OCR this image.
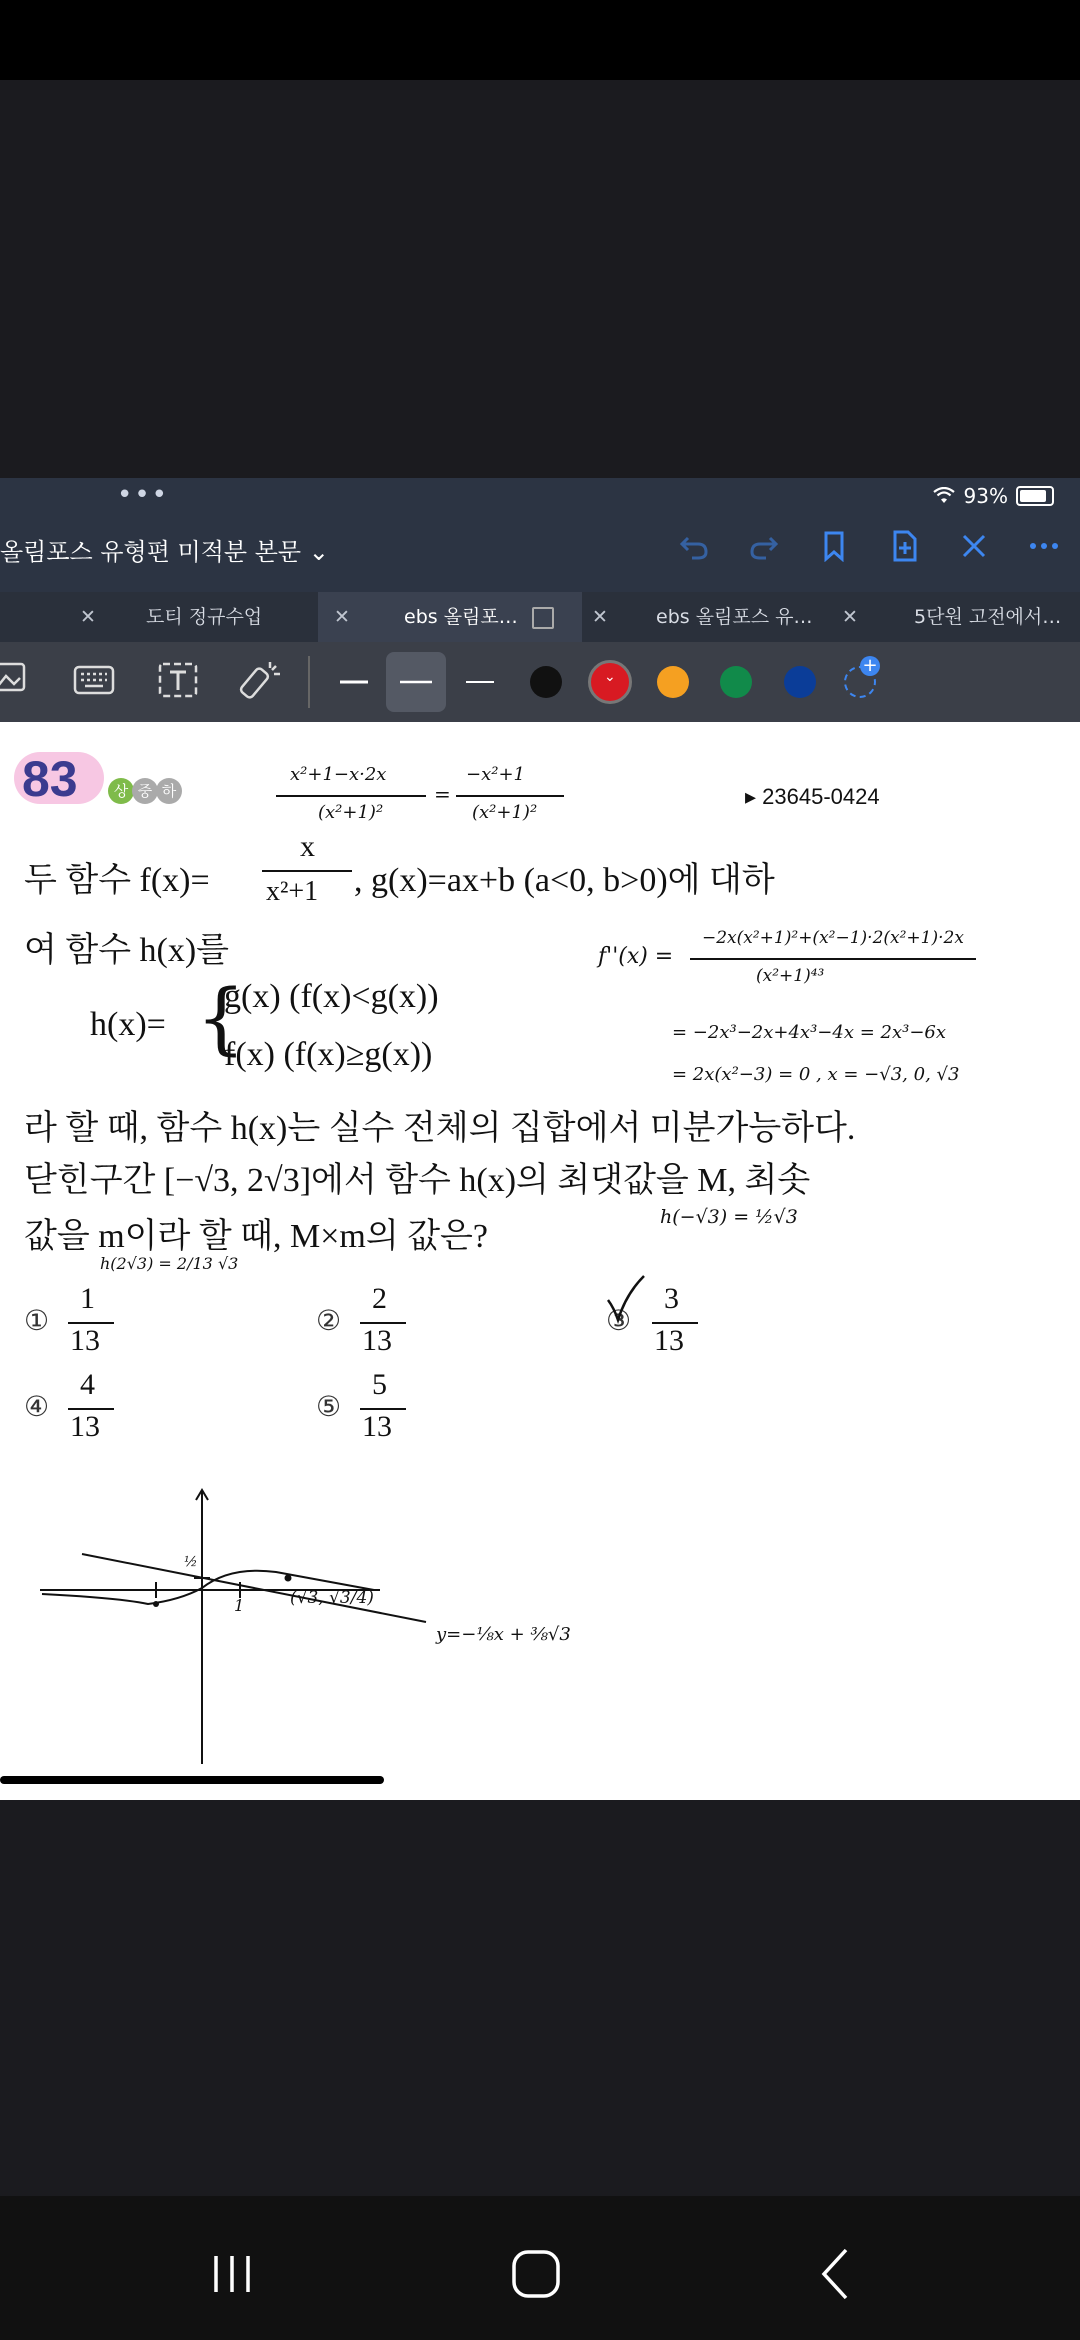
•••	93%
올림포스 유형편 미적분 본문 ⌄
✕	도티 정규수업	✕	ebs 올림포…	✕	ebs 올림포스 유… ✕	5단원 고전에서…
⌄
+
83	상 중 하	▸ 23645-0424
x²+1−x·2x
(x²+1)²
=
−x²+1
(x²+1)²
두 함수 f(x)=
x
x²+1 , g(x)=ax+b (a<0, b>0)에 대하
여 함수 h(x)를
h(x)= {
g(x) (f(x)<g(x))
f(x) (f(x)≥g(x))
라 할 때, 함수 h(x)는 실수 전체의 집합에서 미분가능하다.
닫힌구간 [−√3, 2√3]에서 함수 h(x)의 최댓값을 M, 최솟
값을 m이라 할 때, M×m의 값은?
f''(x) =
−2x(x²+1)²+(x²−1)·2(x²+1)·2x
(x²+1)⁴³
= −2x³−2x+4x³−4x = 2x³−6x
= 2x(x²−3) = 0 , x = −√3, 0, √3
h(−√3) = ½√3
h(2√3) = 2/13 √3
①
1
13
②
2
13
③
3
13
④
4
13
⑤
5
13
½
1	(√3, √3/4)
y=−⅛x + ⅜√3
